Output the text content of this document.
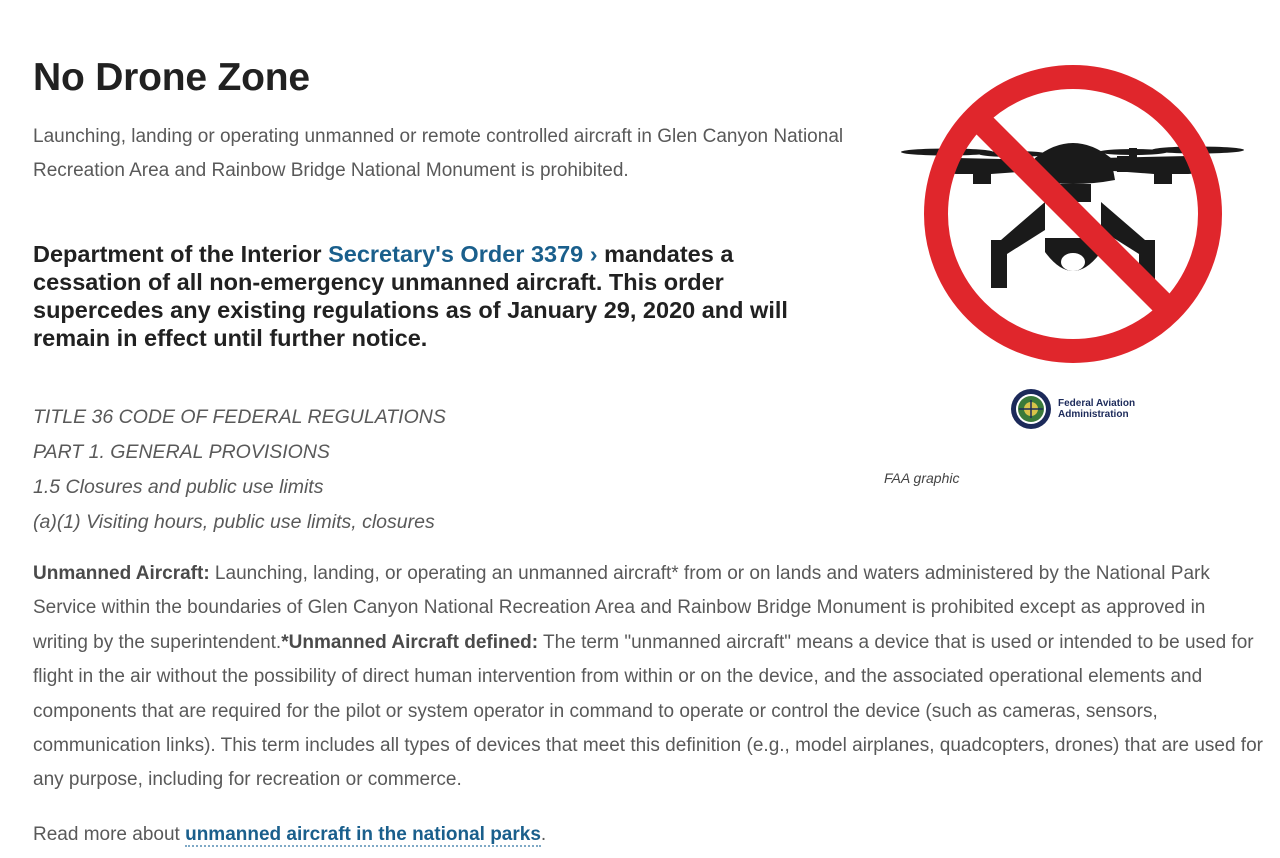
No Drone Zone

Launching, landing or operating unmanned or remote controlled aircraft in Glen Canyon National Recreation Area and Rainbow Bridge National Monument is prohibited.

Department of the Interior Secretary's Order 3379 › mandates a cessation of all non-emergency unmanned aircraft. This order supercedes any existing regulations as of January 29, 2020 and will remain in effect until further notice.

TITLE 36 CODE OF FEDERAL REGULATIONS
PART 1. GENERAL PROVISIONS
1.5 Closures and public use limits
(a)(1) Visiting hours, public use limits, closures

Unmanned Aircraft: Launching, landing, or operating an unmanned aircraft* from or on lands and waters administered by the National Park Service within the boundaries of Glen Canyon National Recreation Area and Rainbow Bridge Monument is prohibited except as approved in writing by the superintendent.*Unmanned Aircraft defined: The term "unmanned aircraft" means a device that is used or intended to be used for flight in the air without the possibility of direct human intervention from within or on the device, and the associated operational elements and components that are required for the pilot or system operator in command to operate or control the device (such as cameras, sensors, communication links). This term includes all types of devices that meet this definition (e.g., model airplanes, quadcopters, drones) that are used for any purpose, including for recreation or commerce.

Read more about unmanned aircraft in the national parks.

Federal Aviation
Administration

FAA graphic
